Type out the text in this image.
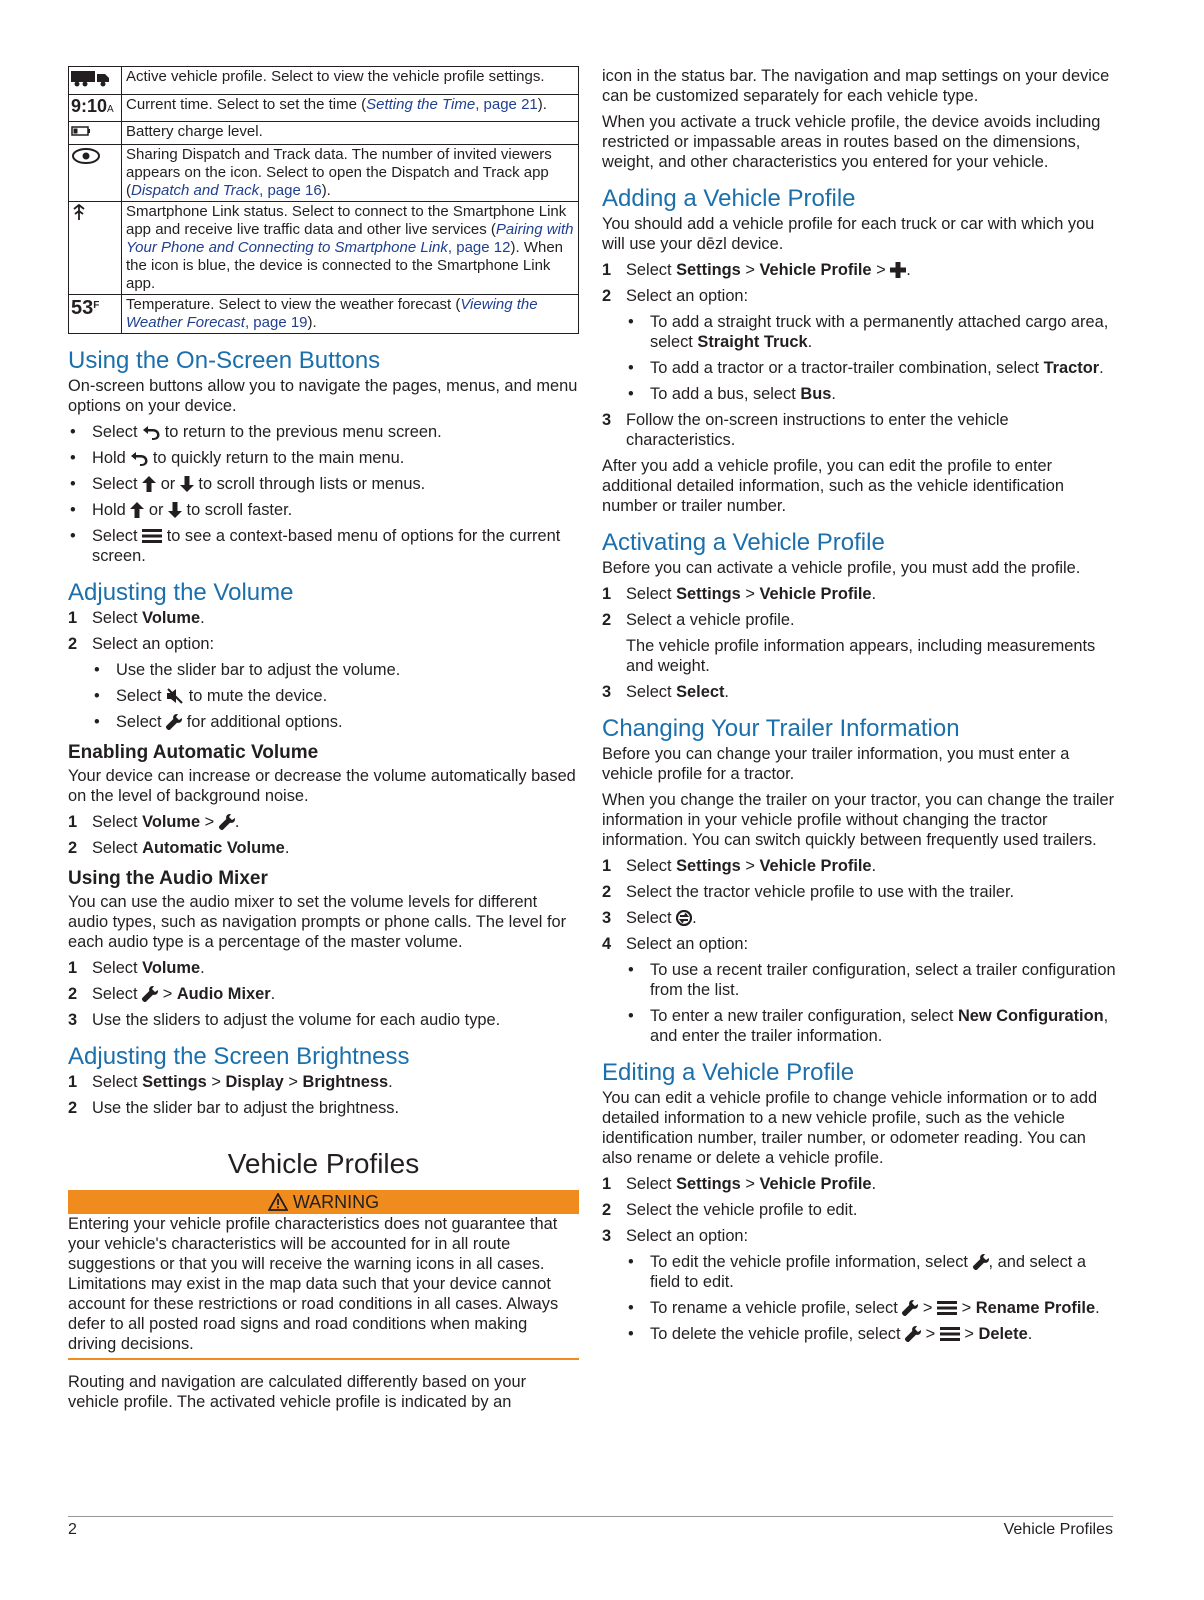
	Active vehicle profile. Select to view the vehicle profile settings.
9:10A	Current time. Select to set the time (Setting the Time, page 21).
	Battery charge level.
	Sharing Dispatch and Track data. The number of invited viewers appears on the icon. Select to open the Dispatch and Track app (Dispatch and Track, page 16).
	Smartphone Link status. Select to connect to the Smartphone Link app and receive live traffic data and other live services (Pairing with Your Phone and Connecting to Smartphone Link, page 12). When the icon is blue, the device is connected to the Smartphone Link app.
$53^F$	Temperature. Select to view the weather forecast (Viewing the Weather Forecast, page 19).
Using the On-Screen Buttons

On-screen buttons allow you to navigate the pages, menus, and menu options on your device.

• Select to return to the previous menu screen.
• Hold to quickly return to the main menu.
• Select or to scroll through lists or menus.
• Hold or to scroll faster.
• Select to see a context-based menu of options for the current screen.
Adjusting the Volume
1 Select Volume.
2 Select an option:
• Use the slider bar to adjust the volume.
• Select to mute the device.
• Select for additional options.
Enabling Automatic Volume

Your device can increase or decrease the volume automatically based on the level of background noise.

1 Select Volume > .
2 Select Automatic Volume.
Using the Audio Mixer

You can use the audio mixer to set the volume levels for different audio types, such as navigation prompts or phone calls. The level for each audio type is a percentage of the master volume.

1 Select Volume.
2 Select > Audio Mixer.
3 Use the sliders to adjust the volume for each audio type.
Adjusting the Screen Brightness
1 Select Settings > Display > Brightness.
2 Use the slider bar to adjust the brightness.
Vehicle Profiles
WARNING

Entering your vehicle profile characteristics does not guarantee that your vehicle's characteristics will be accounted for in all route suggestions or that you will receive the warning icons in all cases. Limitations may exist in the map data such that your device cannot account for these restrictions or road conditions in all cases. Always defer to all posted road signs and road conditions when making driving decisions.

Routing and navigation are calculated differently based on your vehicle profile. The activated vehicle profile is indicated by an

icon in the status bar. The navigation and map settings on your device can be customized separately for each vehicle type.

When you activate a truck vehicle profile, the device avoids including restricted or impassable areas in routes based on the dimensions, weight, and other characteristics you entered for your vehicle.

Adding a Vehicle Profile

You should add a vehicle profile for each truck or car with which you will use your dēzl device.

1 Select Settings > Vehicle Profile > .
2 Select an option:
• To add a straight truck with a permanently attached cargo area, select Straight Truck.
• To add a tractor or a tractor-trailer combination, select Tractor.
• To add a bus, select Bus.
3 Follow the on-screen instructions to enter the vehicle characteristics.

After you add a vehicle profile, you can edit the profile to enter additional detailed information, such as the vehicle identification number or trailer number.

Activating a Vehicle Profile

Before you can activate a vehicle profile, you must add the profile.

1 Select Settings > Vehicle Profile.
2 Select a vehicle profile.

The vehicle profile information appears, including measurements and weight.

3 Select Select.
Changing Your Trailer Information

Before you can change your trailer information, you must enter a vehicle profile for a tractor.

When you change the trailer on your tractor, you can change the trailer information in your vehicle profile without changing the tractor information. You can switch quickly between frequently used trailers.

1 Select Settings > Vehicle Profile.
2 Select the tractor vehicle profile to use with the trailer.
3 Select .
4 Select an option:
• To use a recent trailer configuration, select a trailer configuration from the list.
• To enter a new trailer configuration, select New Configuration, and enter the trailer information.
Editing a Vehicle Profile

You can edit a vehicle profile to change vehicle information or to add detailed information to a new vehicle profile, such as the vehicle identification number, trailer number, or odometer reading. You can also rename or delete a vehicle profile.

1 Select Settings > Vehicle Profile.
2 Select the vehicle profile to edit.
3 Select an option:
• To edit the vehicle profile information, select , and select a field to edit.
• To rename a vehicle profile, select  >  > Rename Profile.
• To delete the vehicle profile, select  >  > Delete.
2	Vehicle Profiles
